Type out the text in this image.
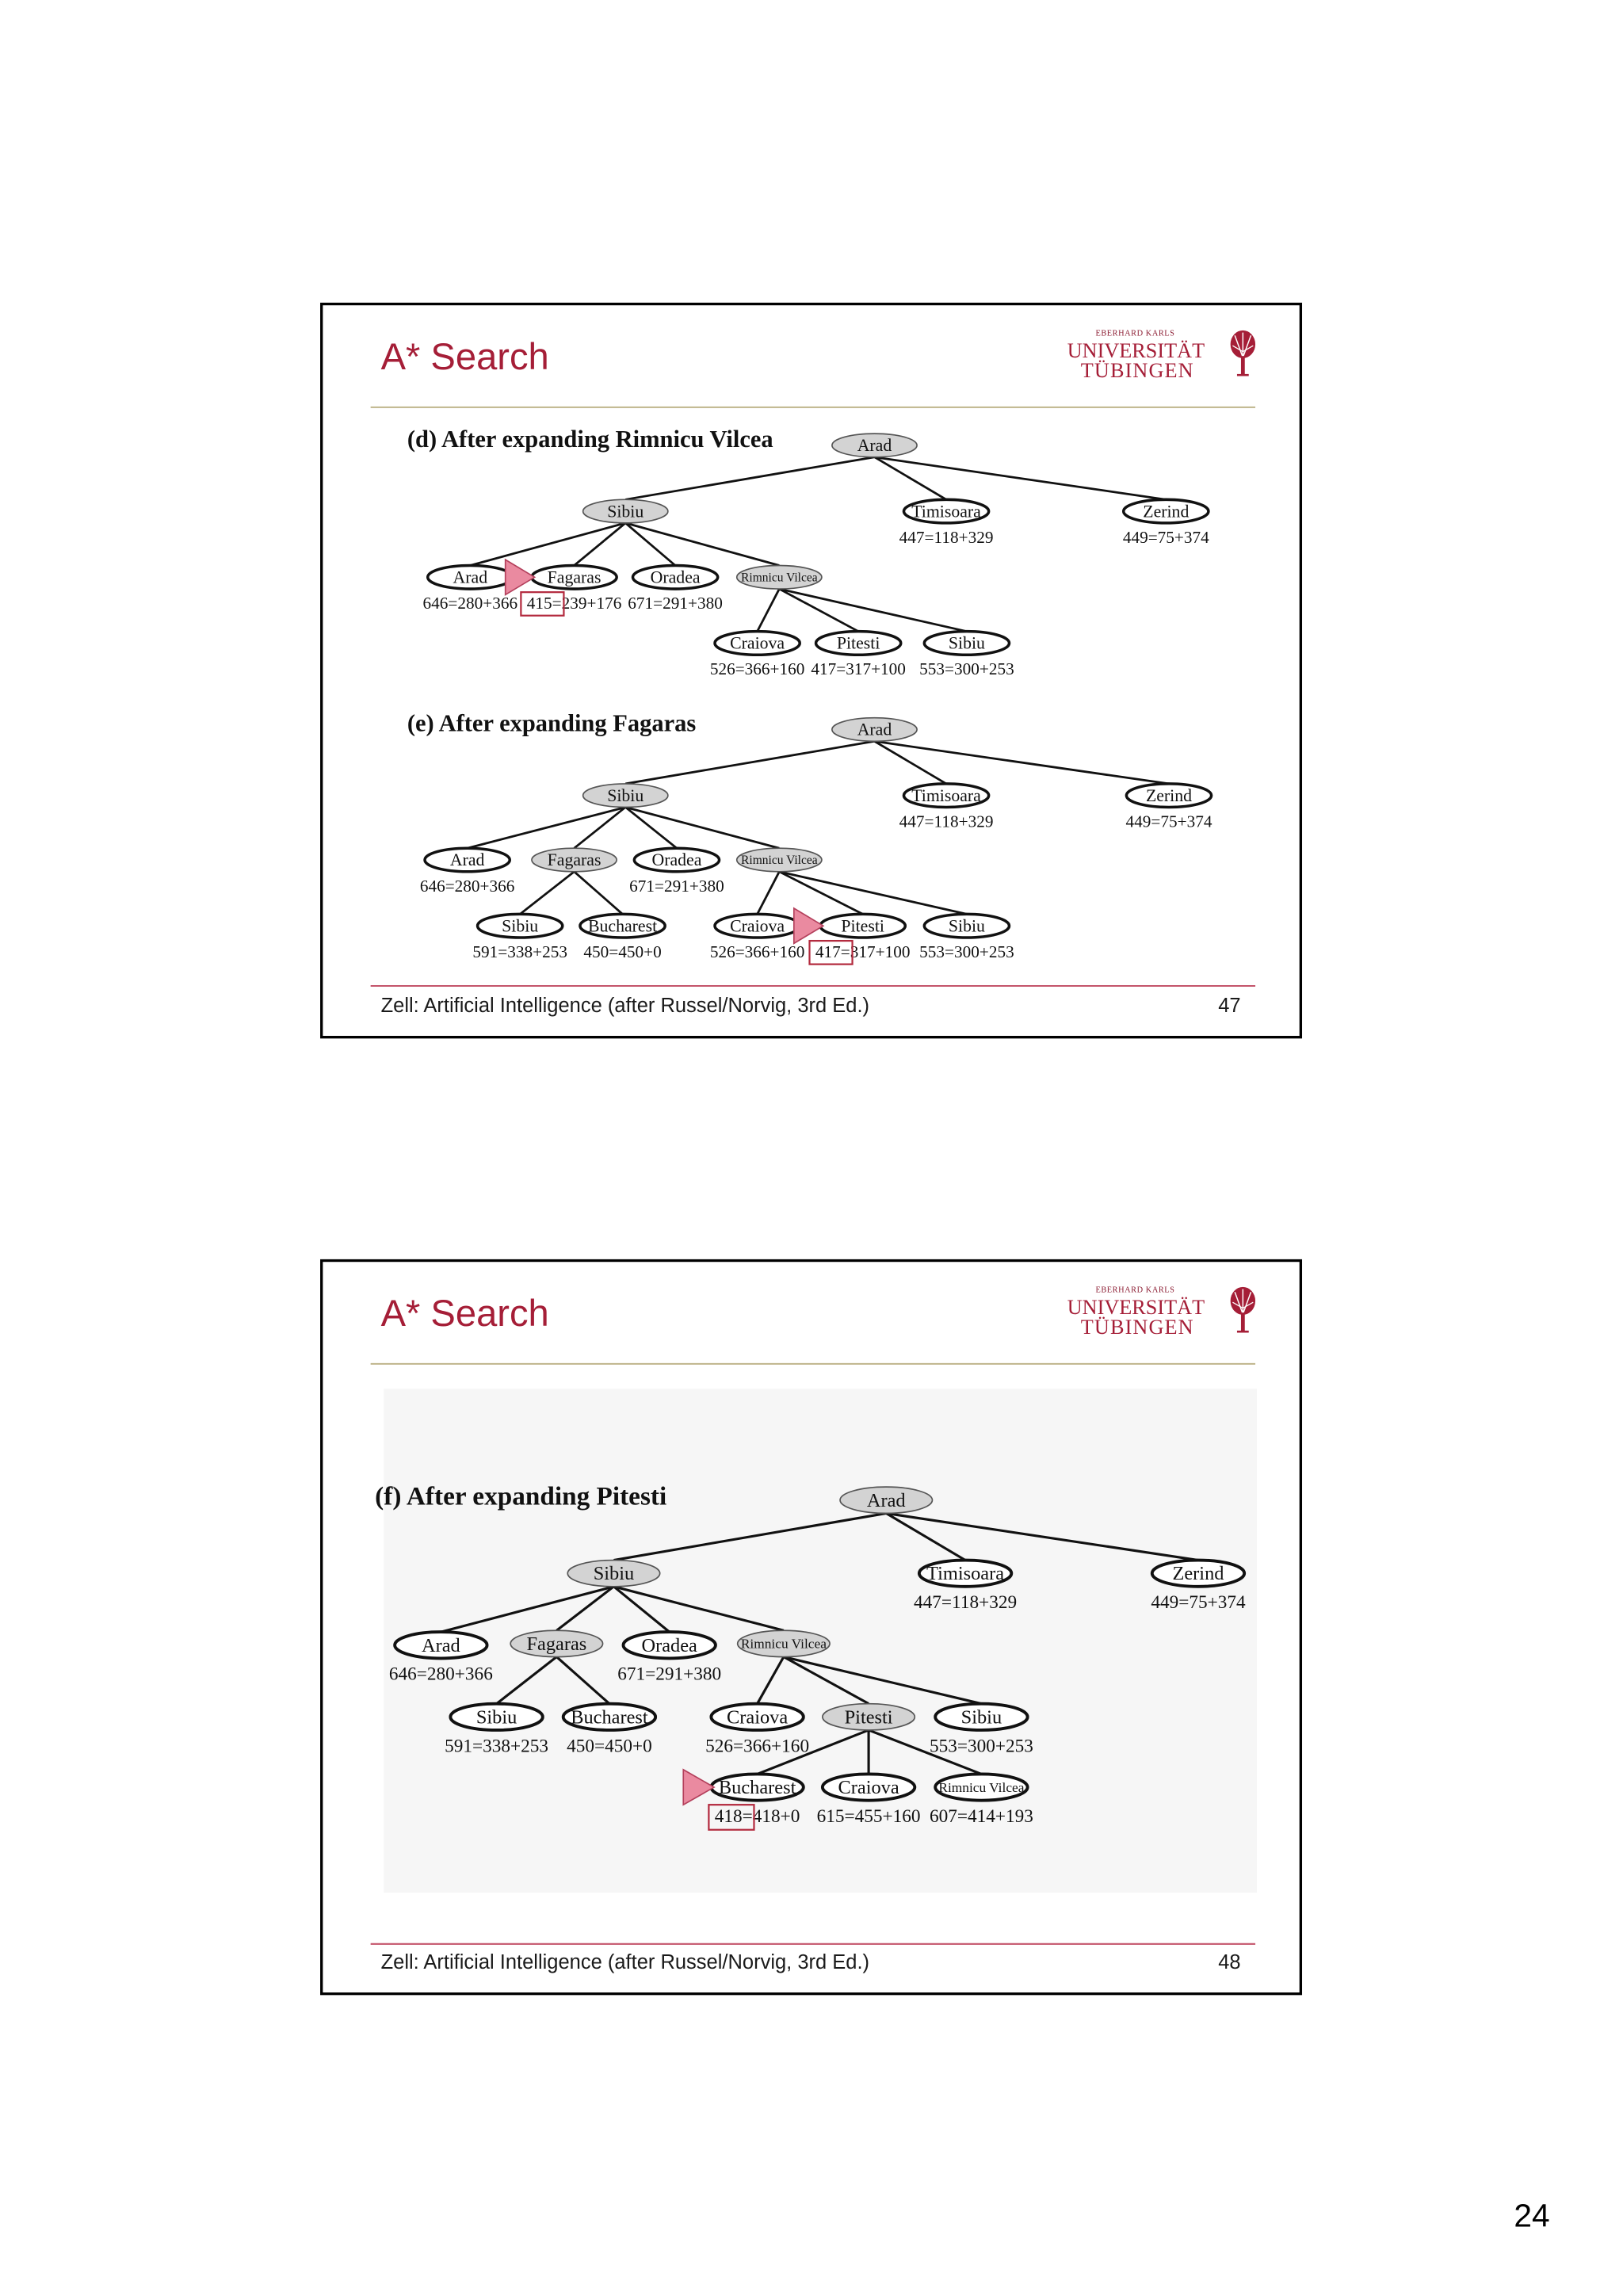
A* Search
EBERHARD KARLS
UNIVERSITÄT
TÜBINGEN
(d) After expanding Rimnicu Vilcea
Arad
646=280+366
Fagaras
415=239+176
Oradea
671=291+380
Craiova
526=366+160
Pitesti
417=317+100
Sibiu
553=300+253
Rimnicu Vilcea
Sibiu	Timisoara
447=118+329
Zerind
449=75+374
Arad
(e) After expanding Fagaras
Arad
646=280+366
Sibiu
591=338+253
Bucharest
450=450+0
Fagaras	Oradea
671=291+380
Craiova
526=366+160
Pitesti
417=317+100
Sibiu
553=300+253
Rimnicu Vilcea
Sibiu	Timisoara
447=118+329
Zerind
449=75+374
Arad
Zell: Artificial Intelligence (after Russel/Norvig, 3rd Ed.)	47
A* Search
EBERHARD KARLS
UNIVERSITÄT
TÜBINGEN
Zell: Artificial Intelligence (after Russel/Norvig, 3rd Ed.)	48
(f) After expanding Pitesti
Arad
646=280+366
Sibiu
591=338+253
Bucharest
450=450+0
Fagaras	Oradea
671=291+380
Craiova
526=366+160
Bucharest
418=418+0
Craiova
615=455+160
Rimnicu Vilcea
607=414+193
Pitesti	Sibiu
553=300+253
Rimnicu Vilcea
Sibiu	Timisoara
447=118+329
Zerind
449=75+374
Arad
24
